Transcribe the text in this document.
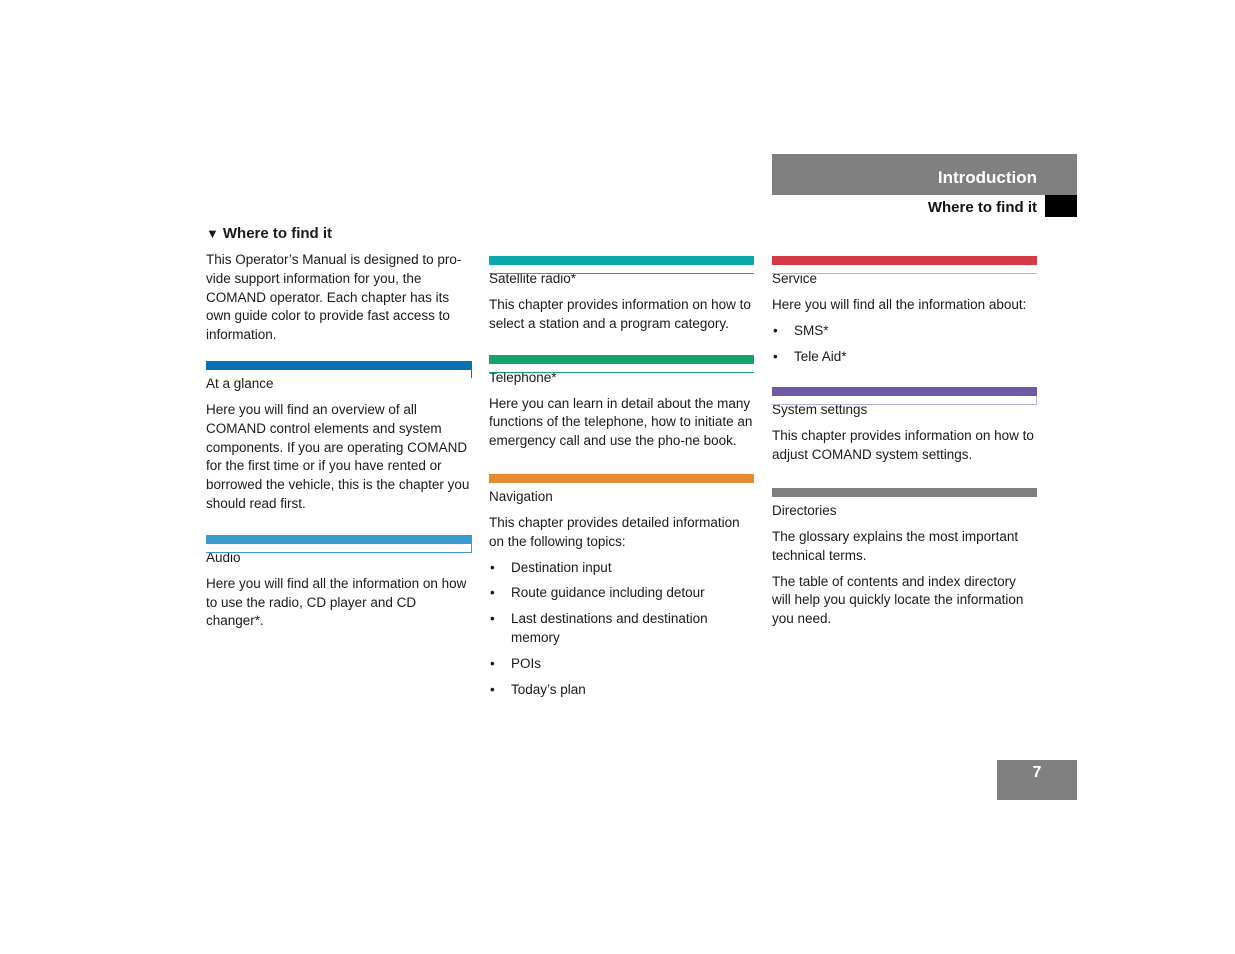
Introduction
Where to find it
▼ Where to find it

This Operator’s Manual is designed to pro-vide support information for you, the COMAND operator. Each chapter has its own guide color to provide fast access to information.

At a glance

Here you will find an overview of all COMAND control elements and system components. If you are operating COMAND for the first time or if you have rented or borrowed the vehicle, this is the chapter you should read first.

Audio

Here you will find all the information on how to use the radio, CD player and CD changer*.

Satellite radio*

This chapter provides information on how to select a station and a program category.

Telephone*

Here you can learn in detail about the many functions of the telephone, how to initiate an emergency call and use the pho-ne book.

Navigation

This chapter provides detailed information on the following topics:

• Destination input
• Route guidance including detour
• Last destinations and destination memory
• POIs
• Today’s plan
Service

Here you will find all the information about:

• SMS*
• Tele Aid*
System settings

This chapter provides information on how to adjust COMAND system settings.

Directories

The glossary explains the most important technical terms.

The table of contents and index directory will help you quickly locate the information you need.

7
